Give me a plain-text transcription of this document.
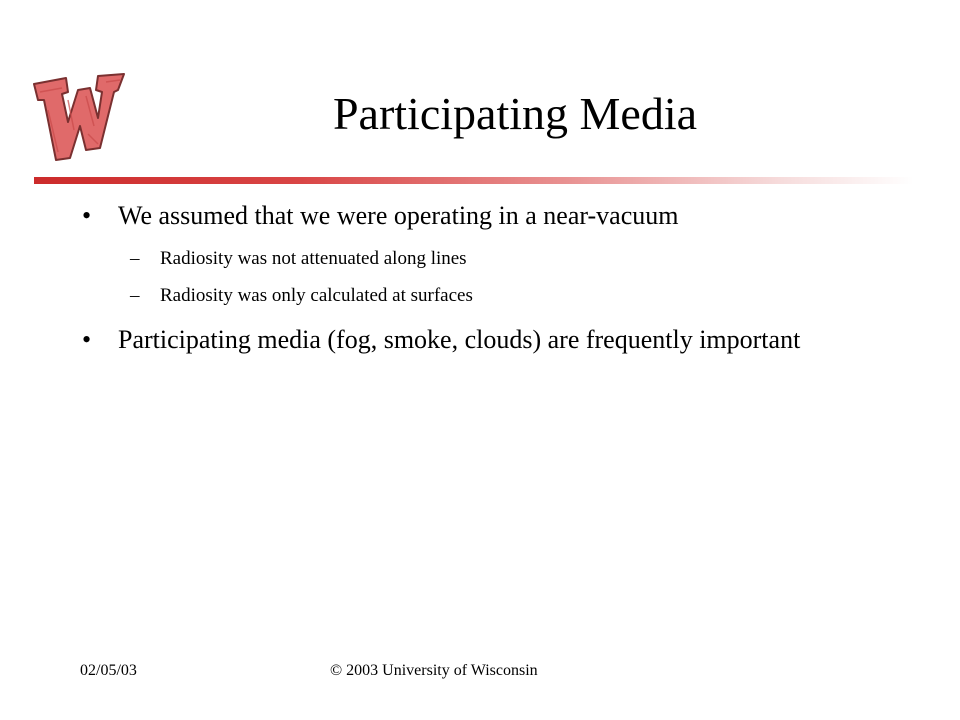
Participating Media
• We assumed that we were operating in a near-vacuum
– Radiosity was not attenuated along lines
– Radiosity was only calculated at surfaces
• Participating media (fog, smoke, clouds) are frequently important
02/05/03	© 2003 University of Wisconsin
